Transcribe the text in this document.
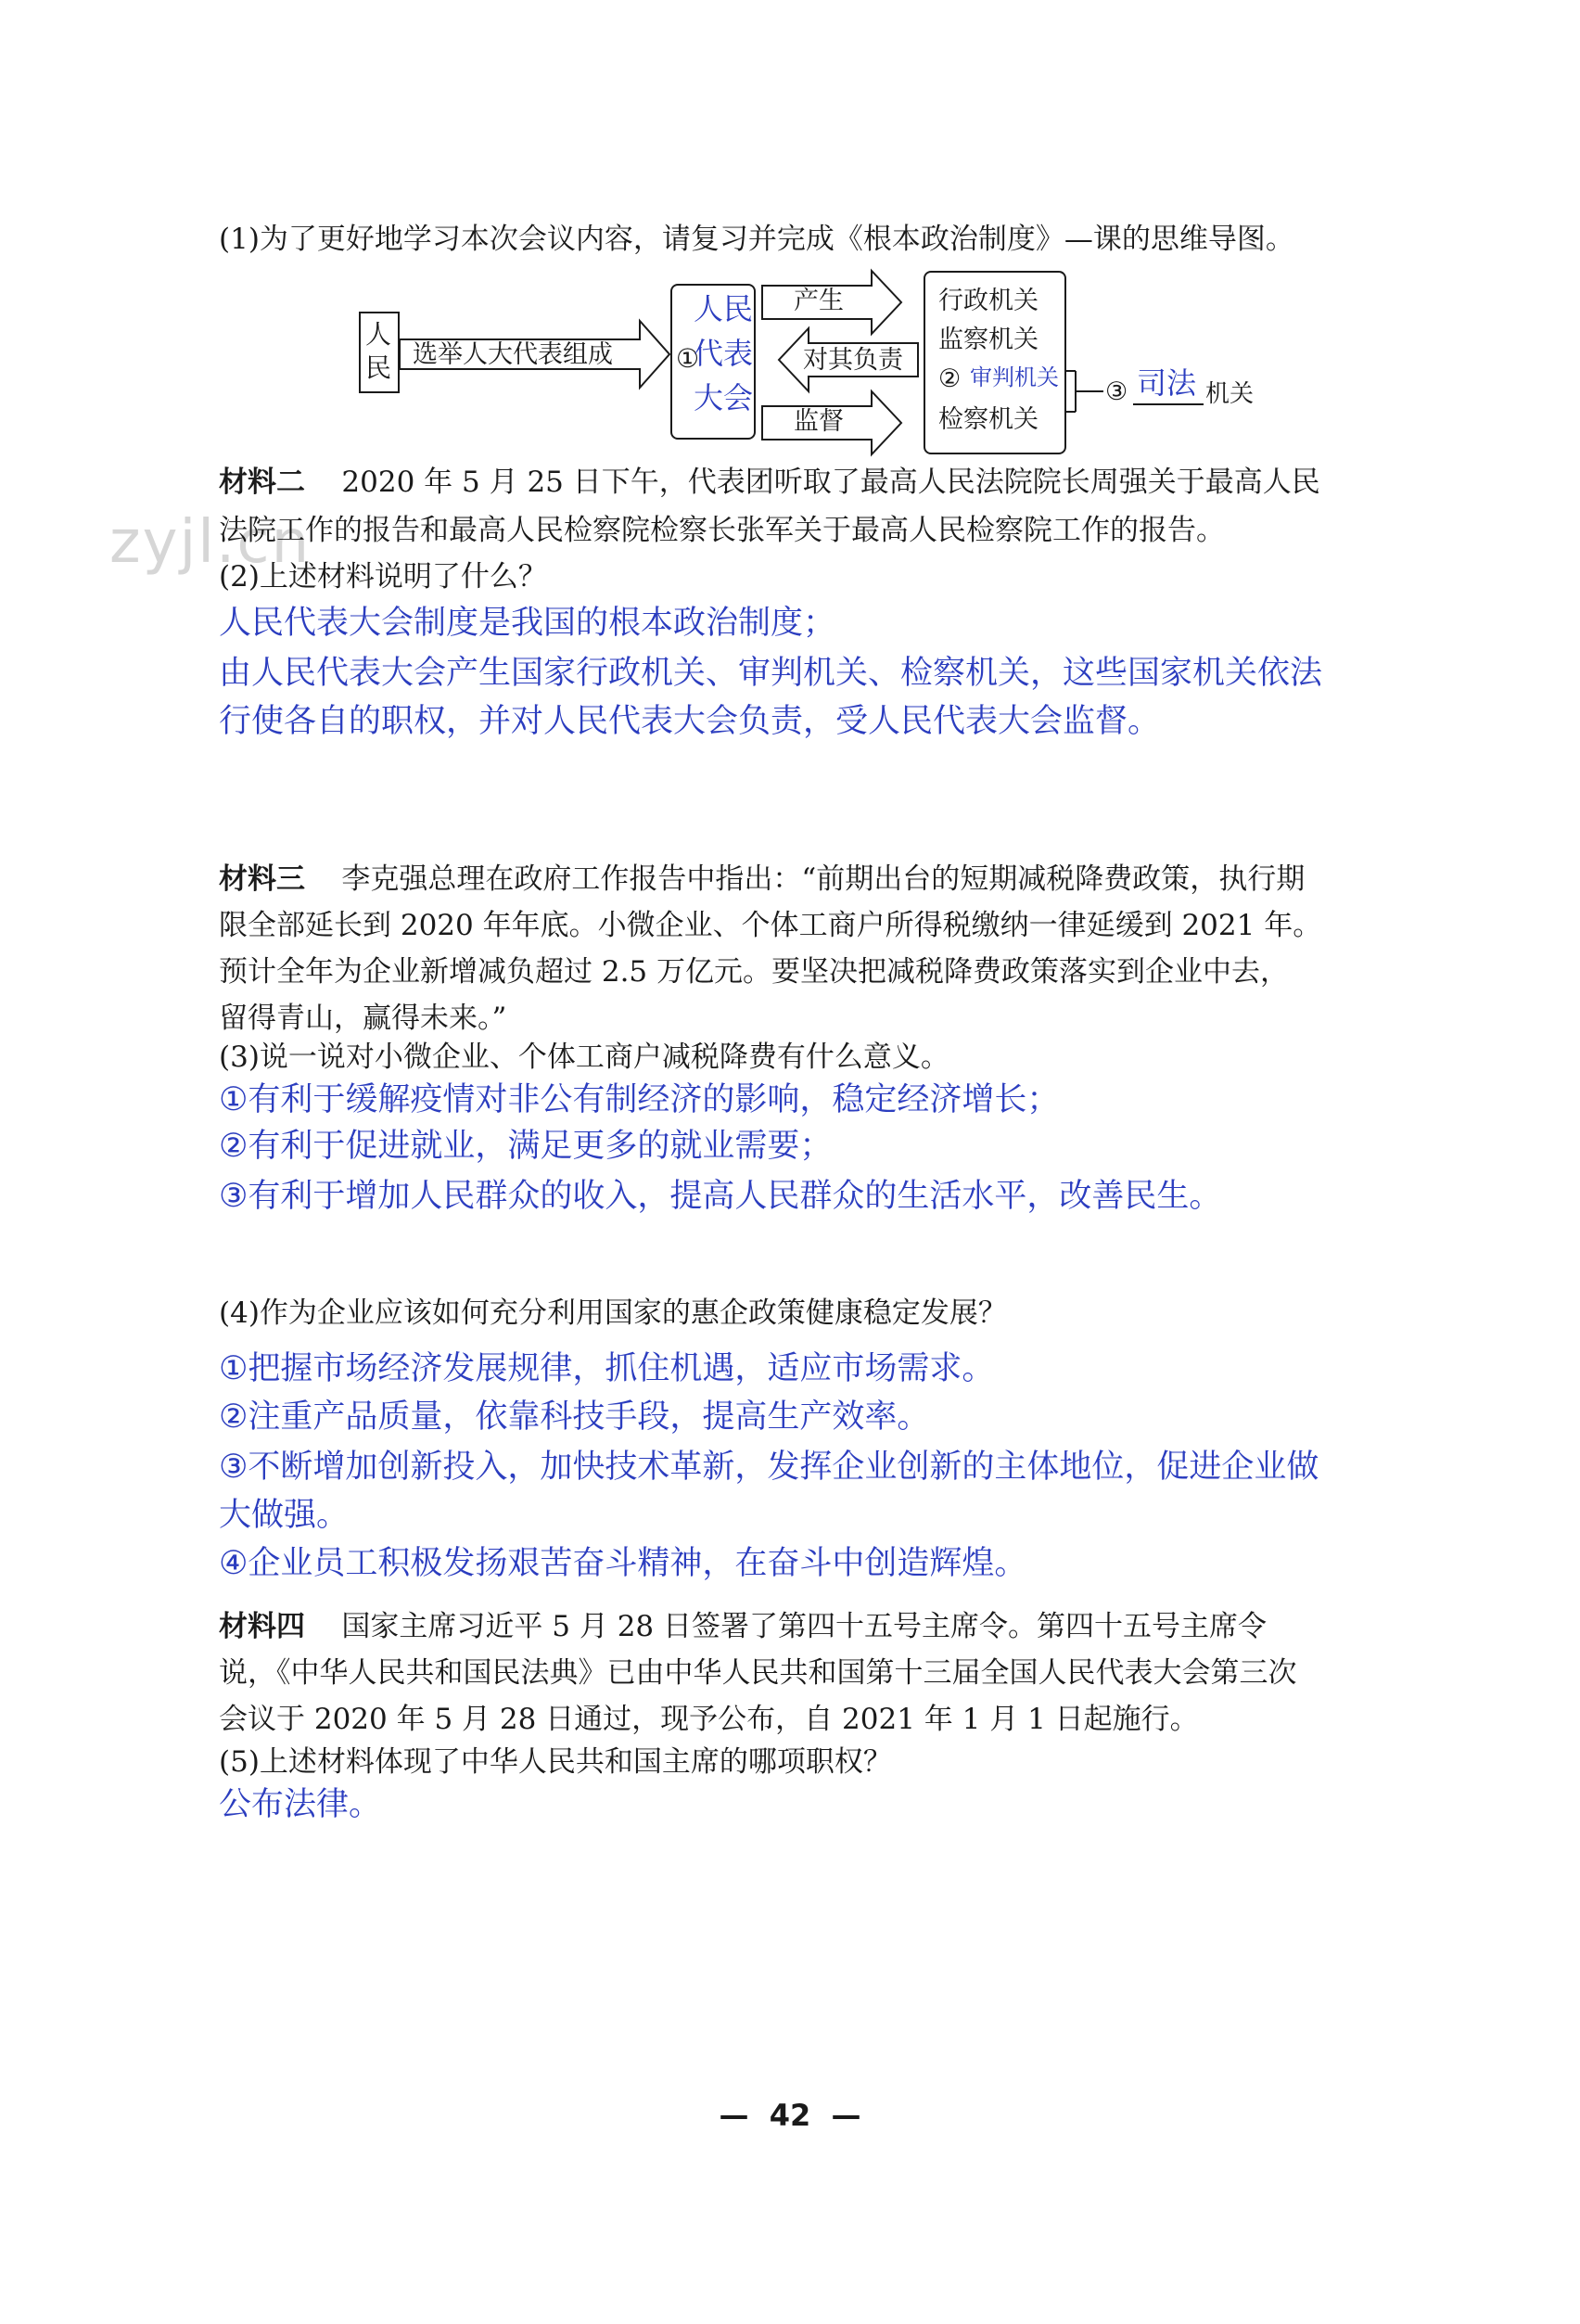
zyjl.cn
(1)为了更好地学习本次会议内容，请复习并完成《根本政治制度》—课的思维导图。
人
民 选举人大代表组成 ①
人民
代表
大会
产生
对其负责
监督
行政机关
监察机关
② 审判机关
检察机关
③ 司法 机关
材料二 2020 年 5 月 25 日下午，代表团听取了最高人民法院院长周强关于最高人民
法院工作的报告和最高人民检察院检察长张军关于最高人民检察院工作的报告。
(2)上述材料说明了什么？
人民代表大会制度是我国的根本政治制度；
由人民代表大会产生国家行政机关、审判机关、检察机关，这些国家机关依法
行使各自的职权，并对人民代表大会负责，受人民代表大会监督。
材料三 李克强总理在政府工作报告中指出：“前期出台的短期减税降费政策，执行期
限全部延长到 2020 年年底。小微企业、个体工商户所得税缴纳一律延缓到 2021 年。
预计全年为企业新增减负超过 2.5 万亿元。要坚决把减税降费政策落实到企业中去，
留得青山，赢得未来。”
(3)说一说对小微企业、个体工商户减税降费有什么意义。
①有利于缓解疫情对非公有制经济的影响，稳定经济增长；
②有利于促进就业，满足更多的就业需要；
③有利于增加人民群众的收入，提高人民群众的生活水平，改善民生。
(4)作为企业应该如何充分利用国家的惠企政策健康稳定发展？
①把握市场经济发展规律，抓住机遇，适应市场需求。
②注重产品质量，依靠科技手段，提高生产效率。
③不断增加创新投入，加快技术革新，发挥企业创新的主体地位，促进企业做
大做强。
④企业员工积极发扬艰苦奋斗精神，在奋斗中创造辉煌。
材料四 国家主席习近平 5 月 28 日签署了第四十五号主席令。第四十五号主席令
说，《中华人民共和国民法典》已由中华人民共和国第十三届全国人民代表大会第三次
会议于 2020 年 5 月 28 日通过，现予公布，自 2021 年 1 月 1 日起施行。
(5)上述材料体现了中华人民共和国主席的哪项职权？
公布法律。
—  42  —
